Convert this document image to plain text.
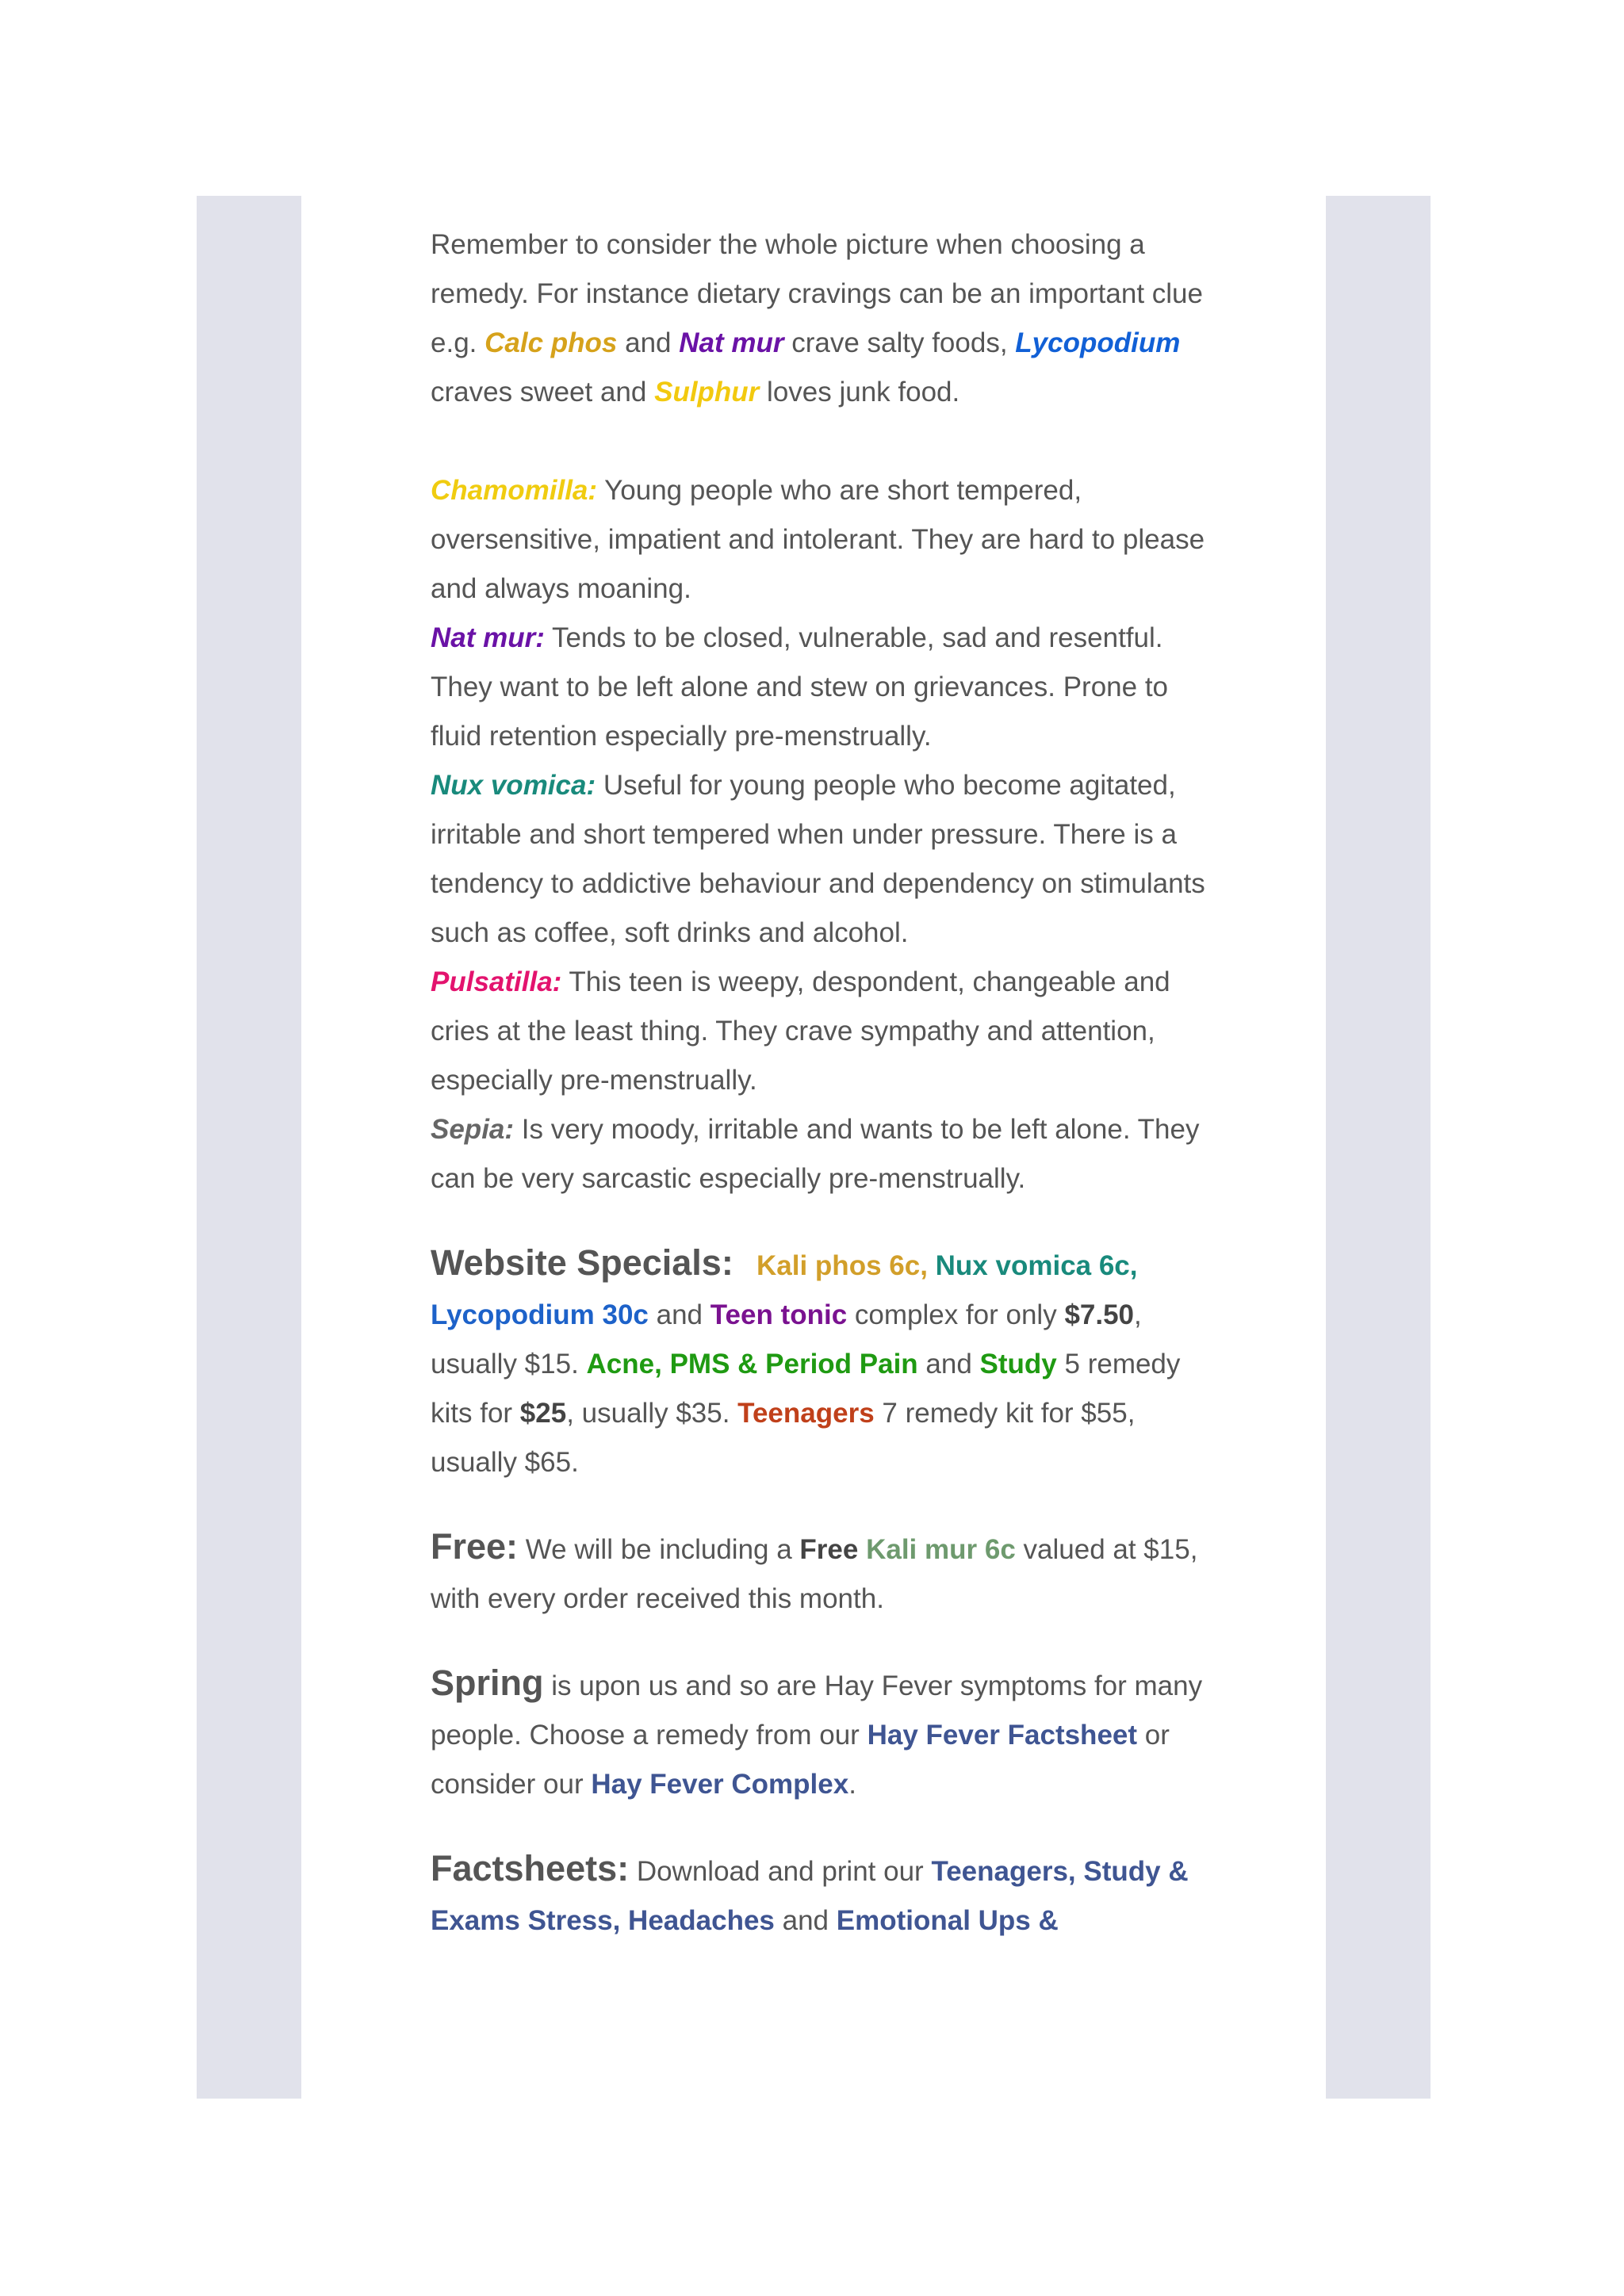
Remember to consider the whole picture when choosing a remedy. For instance dietary cravings can be an important clue e.g. Calc phos and Nat mur crave salty foods, Lycopodium craves sweet and Sulphur loves junk food.

Chamomilla: Young people who are short tempered, oversensitive, impatient and intolerant. They are hard to please and always moaning.

Nat mur: Tends to be closed, vulnerable, sad and resentful. They want to be left alone and stew on grievances. Prone to fluid retention especially pre-menstrually.

Nux vomica: Useful for young people who become agitated, irritable and short tempered when under pressure. There is a tendency to addictive behaviour and dependency on stimulants such as coffee, soft drinks and alcohol.

Pulsatilla: This teen is weepy, despondent, changeable and cries at the least thing. They crave sympathy and attention, especially pre-menstrually.

Sepia: Is very moody, irritable and wants to be left alone. They can be very sarcastic especially pre-menstrually.

Website Specials: Kali phos 6c, Nux vomica 6c, Lycopodium 30c and Teen tonic complex for only $7.50, usually $15. Acne, PMS & Period Pain and Study 5 remedy kits for $25, usually $35. Teenagers 7 remedy kit for $55, usually $65.

Free: We will be including a Free Kali mur 6c valued at $15, with every order received this month.

Spring is upon us and so are Hay Fever symptoms for many people. Choose a remedy from our Hay Fever Factsheet or consider our Hay Fever Complex.

Factsheets: Download and print our Teenagers, Study & Exams Stress, Headaches and Emotional Ups &
